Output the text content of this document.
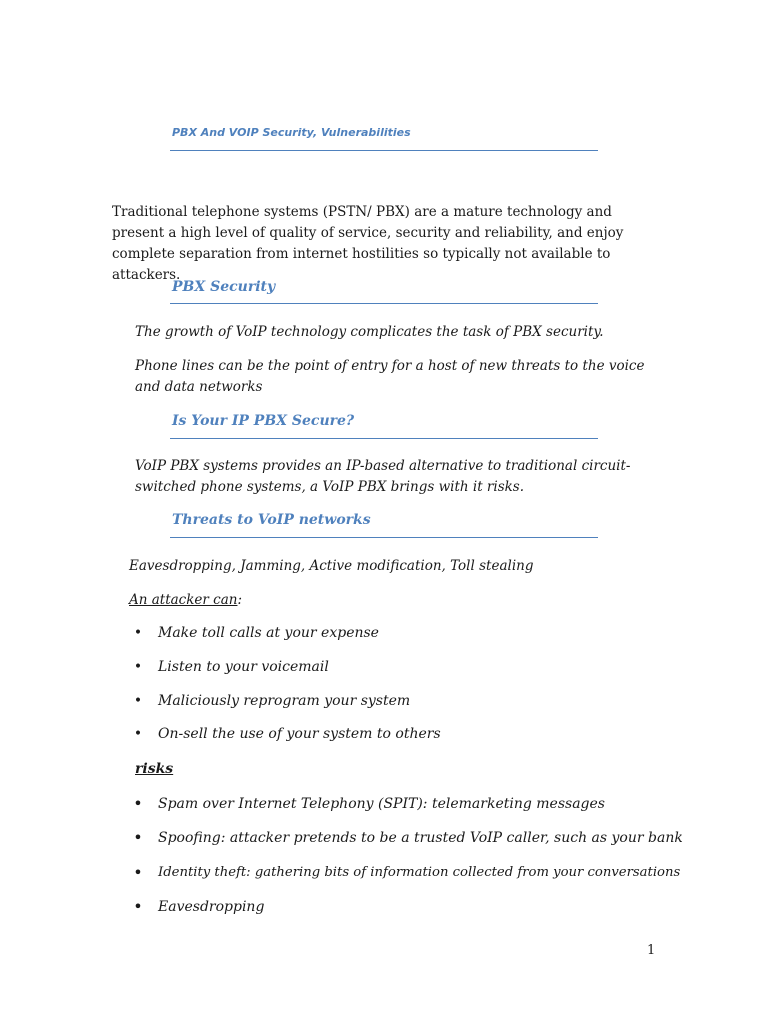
PBX And VOIP Security, Vulnerabilities
Traditional telephone systems (PSTN/ PBX) are a mature technology and present a high level of quality of service, security and reliability, and enjoy complete separation from internet hostilities so typically not available to attackers.
PBX Security
The growth of VoIP technology complicates the task of PBX security.
Phone lines can be the point of entry for a host of new threats to the voice and data networks
Is Your IP PBX Secure?
VoIP PBX systems provides an IP-based alternative to traditional circuit-switched phone systems, a VoIP PBX brings with it risks.
Threats to VoIP networks
Eavesdropping, Jamming, Active modification, Toll stealing
An attacker can:
• Make toll calls at your expense
• Listen to your voicemail
• Maliciously reprogram your system
• On-sell the use of your system to others
risks
• Spam over Internet Telephony (SPIT): telemarketing messages
• Spoofing: attacker pretends to be a trusted VoIP caller, such as your bank
• Identity theft: gathering bits of information collected from your conversations
• Eavesdropping
1
